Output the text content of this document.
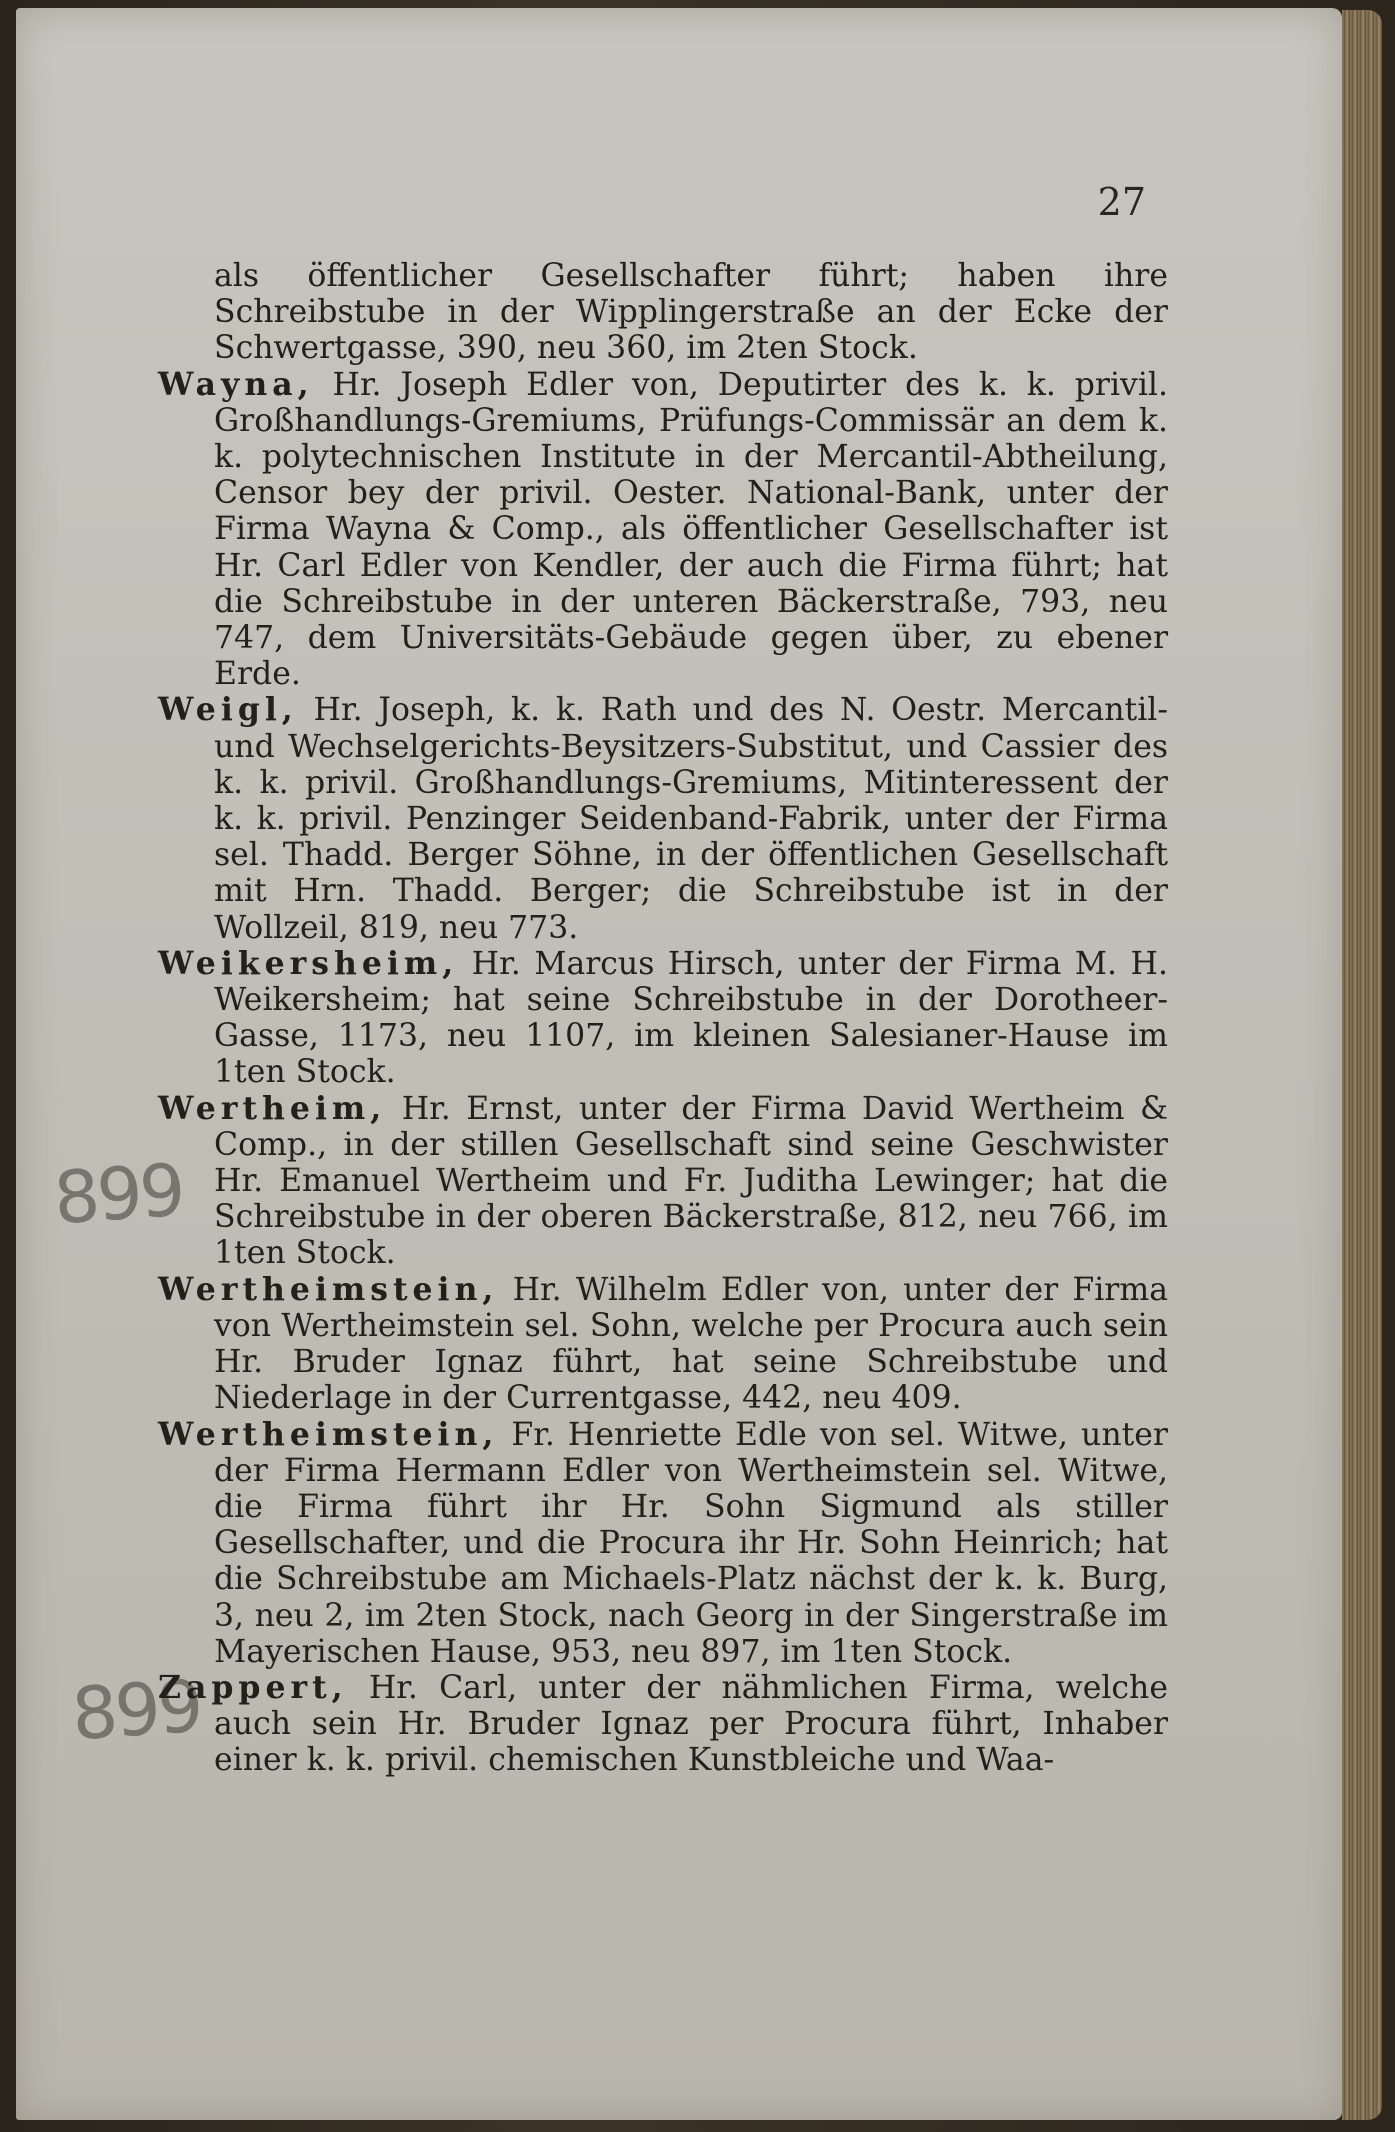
27
899
899

als öffentlicher Gesellschafter führt; haben ihre Schreibstube in der Wipplingerstraße an der Ecke der Schwertgasse, 390, neu 360, im 2ten Stock.

Wayna, Hr. Joseph Edler von, Deputirter des k. k. privil. Großhandlungs-Gremiums, Prüfungs-Commissär an dem k. k. polytechnischen Institute in der Mercantil-Abtheilung, Censor bey der privil. Oester. National-Bank, unter der Firma Wayna & Comp., als öffentlicher Gesellschafter ist Hr. Carl Edler von Kendler, der auch die Firma führt; hat die Schreibstube in der unteren Bäckerstraße, 793, neu 747, dem Universitäts-Gebäude gegen über, zu ebener Erde.

Weigl, Hr. Joseph, k. k. Rath und des N. Oestr. Mercantil- und Wechselgerichts-Beysitzers-Substitut, und Cassier des k. k. privil. Großhandlungs-Gremiums, Mitinteressent der k. k. privil. Penzinger Seidenband-Fabrik, unter der Firma sel. Thadd. Berger Söhne, in der öffentlichen Gesellschaft mit Hrn. Thadd. Berger; die Schreibstube ist in der Wollzeil, 819, neu 773.

Weikersheim, Hr. Marcus Hirsch, unter der Firma M. H. Weikersheim; hat seine Schreibstube in der Dorotheer-Gasse, 1173, neu 1107, im kleinen Salesianer-Hause im 1ten Stock.

Wertheim, Hr. Ernst, unter der Firma David Wertheim & Comp., in der stillen Gesellschaft sind seine Geschwister Hr. Emanuel Wertheim und Fr. Juditha Lewinger; hat die Schreibstube in der oberen Bäckerstraße, 812, neu 766, im 1ten Stock.

Wertheimstein, Hr. Wilhelm Edler von, unter der Firma von Wertheimstein sel. Sohn, welche per Procura auch sein Hr. Bruder Ignaz führt, hat seine Schreibstube und Niederlage in der Currentgasse, 442, neu 409.

Wertheimstein, Fr. Henriette Edle von sel. Witwe, unter der Firma Hermann Edler von Wertheimstein sel. Witwe, die Firma führt ihr Hr. Sohn Sigmund als stiller Gesellschafter, und die Procura ihr Hr. Sohn Heinrich; hat die Schreibstube am Michaels-Platz nächst der k. k. Burg, 3, neu 2, im 2ten Stock, nach Georg in der Singerstraße im Mayerischen Hause, 953, neu 897, im 1ten Stock.

Zappert, Hr. Carl, unter der nähmlichen Firma, welche auch sein Hr. Bruder Ignaz per Procura führt, Inhaber einer k. k. privil. chemischen Kunstbleiche und Waa-
